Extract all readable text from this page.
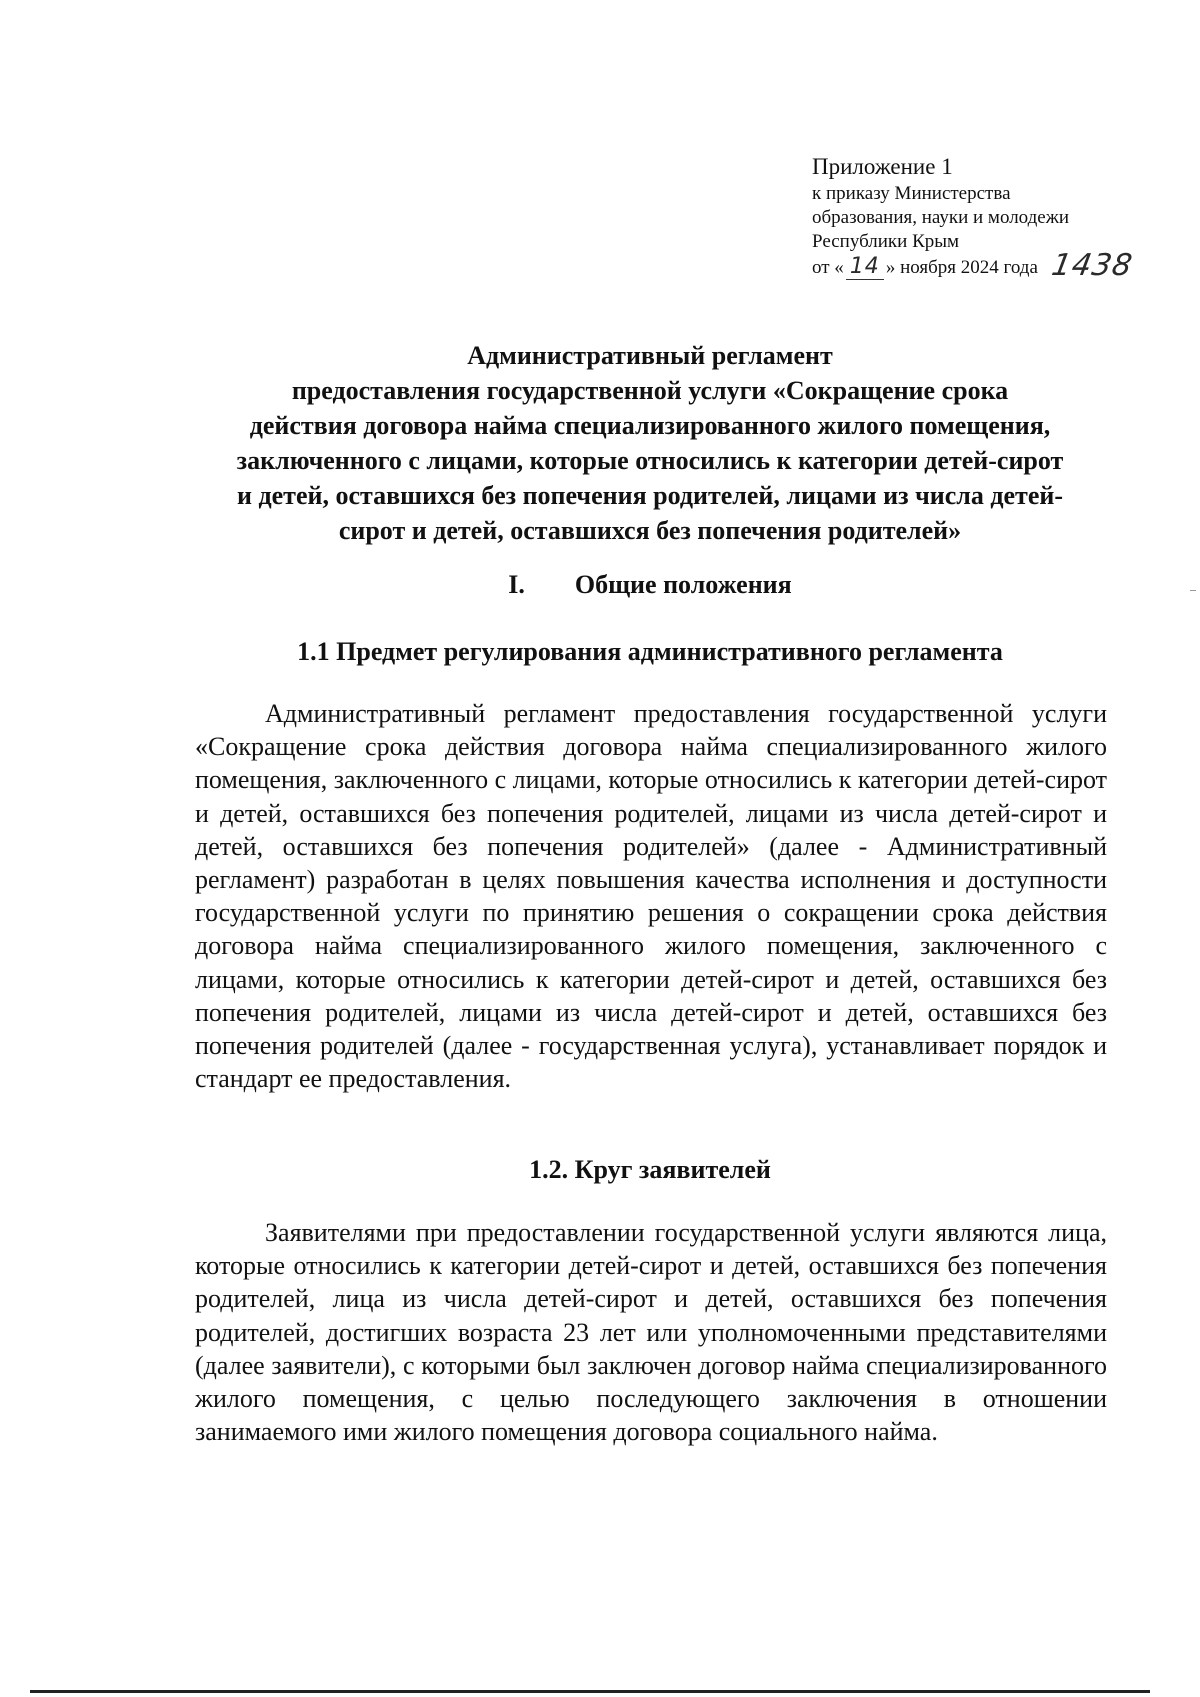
Приложение 1
к приказу Министерства
образования, науки и молодежи
Республики Крым
от « 14 » ноября 2024 года 1438
Административный регламент
предоставления государственной услуги «Сокращение срока
действия договора найма специализированного жилого помещения,
заключенного с лицами, которые относились к категории детей-сирот
и детей, оставшихся без попечения родителей, лицами из числа детей-
сирот и детей, оставшихся без попечения родителей»
I. Общие положения
1.1 Предмет регулирования административного регламента
Административный регламент предоставления государственной услуги «Сокращение срока действия договора найма специализированного жилого помещения, заключенного с лицами, которые относились к категории детей-сирот и детей, оставшихся без попечения родителей, лицами из числа детей-сирот и детей, оставшихся без попечения родителей» (далее - Административный регламент) разработан в целях повышения качества исполнения и доступности государственной услуги по принятию решения о сокращении срока действия договора найма специализированного жилого помещения, заключенного с лицами, которые относились к категории детей-сирот и детей, оставшихся без попечения родителей, лицами из числа детей-сирот и детей, оставшихся без попечения родителей (далее - государственная услуга), устанавливает порядок и стандарт ее предоставления.
1.2. Круг заявителей
Заявителями при предоставлении государственной услуги являются лица, которые относились к категории детей-сирот и детей, оставшихся без попечения родителей, лица из числа детей-сирот и детей, оставшихся без попечения родителей, достигших возраста 23 лет или уполномоченными представителями (далее заявители), с которыми был заключен договор найма специализированного жилого помещения, с целью последующего заключения в отношении занимаемого ими жилого помещения договора социального найма.
